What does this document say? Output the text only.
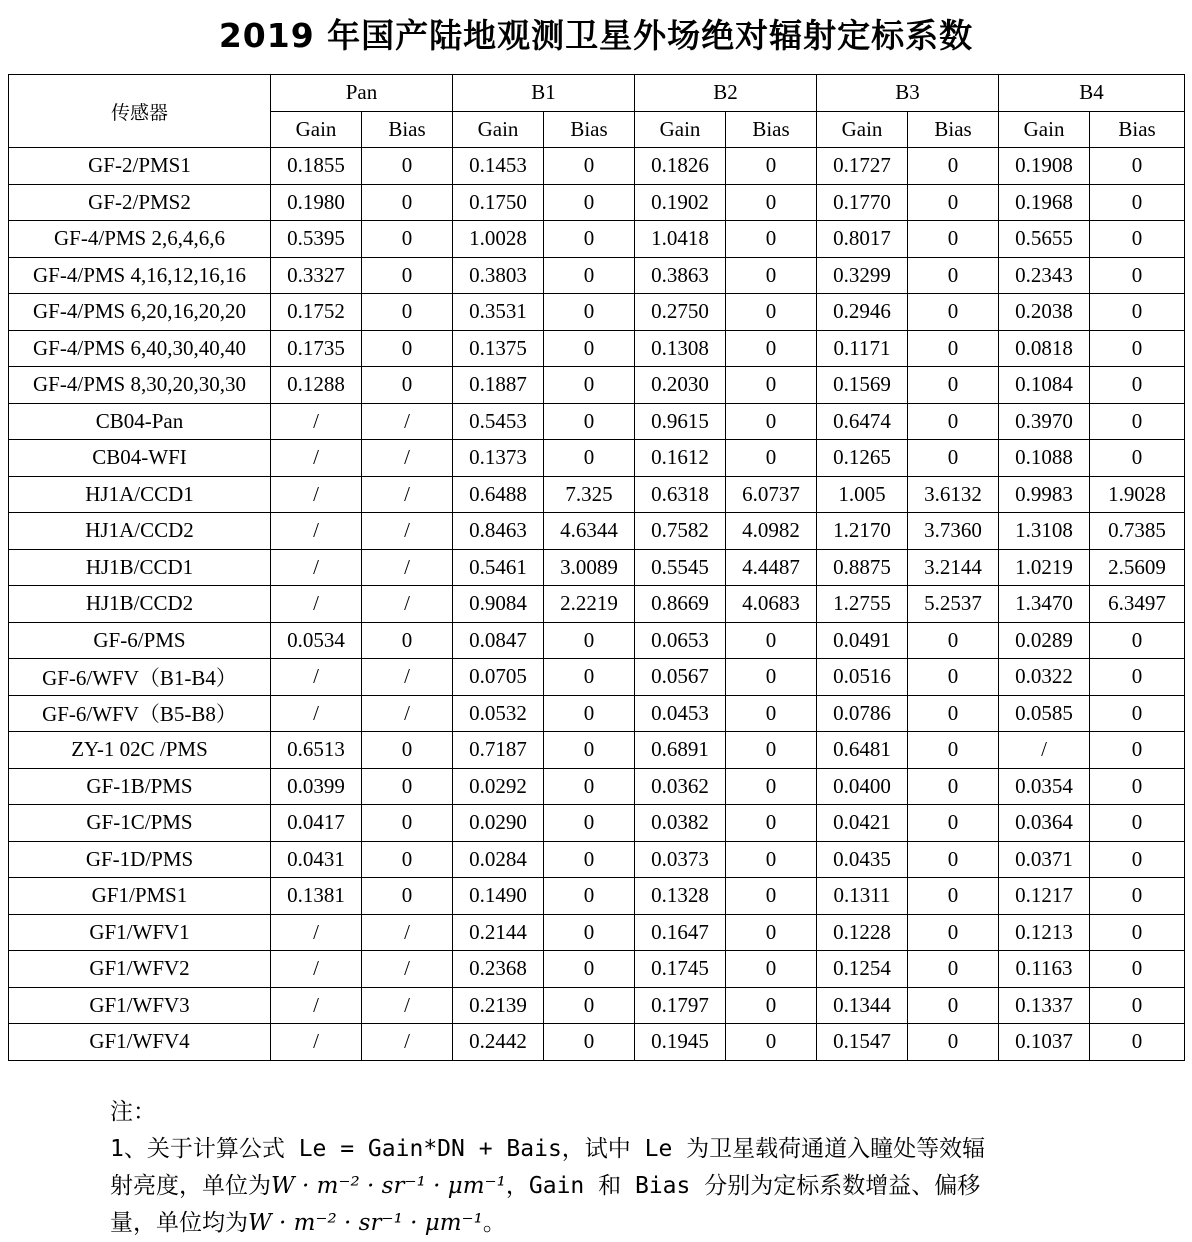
2019 年国产陆地观测卫星外场绝对辐射定标系数
传感器	Pan		B1		B2		B3		B4	
	Gain	Bias	Gain	Bias	Gain	Bias	Gain	Bias	Gain	Bias
GF-2/PMS1	0.1855	0	0.1453	0	0.1826	0	0.1727	0	0.1908	0
GF-2/PMS2	0.1980	0	0.1750	0	0.1902	0	0.1770	0	0.1968	0
GF-4/PMS 2,6,4,6,6	0.5395	0	1.0028	0	1.0418	0	0.8017	0	0.5655	0
GF-4/PMS 4,16,12,16,16	0.3327	0	0.3803	0	0.3863	0	0.3299	0	0.2343	0
GF-4/PMS 6,20,16,20,20	0.1752	0	0.3531	0	0.2750	0	0.2946	0	0.2038	0
GF-4/PMS 6,40,30,40,40	0.1735	0	0.1375	0	0.1308	0	0.1171	0	0.0818	0
GF-4/PMS 8,30,20,30,30	0.1288	0	0.1887	0	0.2030	0	0.1569	0	0.1084	0
CB04-Pan	/	/	0.5453	0	0.9615	0	0.6474	0	0.3970	0
CB04-WFI	/	/	0.1373	0	0.1612	0	0.1265	0	0.1088	0
HJ1A/CCD1	/	/	0.6488	7.325	0.6318	6.0737	1.005	3.6132	0.9983	1.9028
HJ1A/CCD2	/	/	0.8463	4.6344	0.7582	4.0982	1.2170	3.7360	1.3108	0.7385
HJ1B/CCD1	/	/	0.5461	3.0089	0.5545	4.4487	0.8875	3.2144	1.0219	2.5609
HJ1B/CCD2	/	/	0.9084	2.2219	0.8669	4.0683	1.2755	5.2537	1.3470	6.3497
GF-6/PMS	0.0534	0	0.0847	0	0.0653	0	0.0491	0	0.0289	0
GF-6/WFV（B1-B4）	/	/	0.0705	0	0.0567	0	0.0516	0	0.0322	0
GF-6/WFV（B5-B8）	/	/	0.0532	0	0.0453	0	0.0786	0	0.0585	0
ZY-1 02C /PMS	0.6513	0	0.7187	0	0.6891	0	0.6481	0	/	0
GF-1B/PMS	0.0399	0	0.0292	0	0.0362	0	0.0400	0	0.0354	0
GF-1C/PMS	0.0417	0	0.0290	0	0.0382	0	0.0421	0	0.0364	0
GF-1D/PMS	0.0431	0	0.0284	0	0.0373	0	0.0435	0	0.0371	0
GF1/PMS1	0.1381	0	0.1490	0	0.1328	0	0.1311	0	0.1217	0
GF1/WFV1	/	/	0.2144	0	0.1647	0	0.1228	0	0.1213	0
GF1/WFV2	/	/	0.2368	0	0.1745	0	0.1254	0	0.1163	0
GF1/WFV3	/	/	0.2139	0	0.1797	0	0.1344	0	0.1337	0
GF1/WFV4	/	/	0.2442	0	0.1945	0	0.1547	0	0.1037	0
注：
1、关于计算公式 Le = Gain*DN + Bais，试中 Le 为卫星载荷通道入瞳处等效辐
射亮度，单位为W · m⁻² · sr⁻¹ · μm⁻¹，Gain 和 Bias 分别为定标系数增益、偏移
量，单位均为W · m⁻² · sr⁻¹ · μm⁻¹。
